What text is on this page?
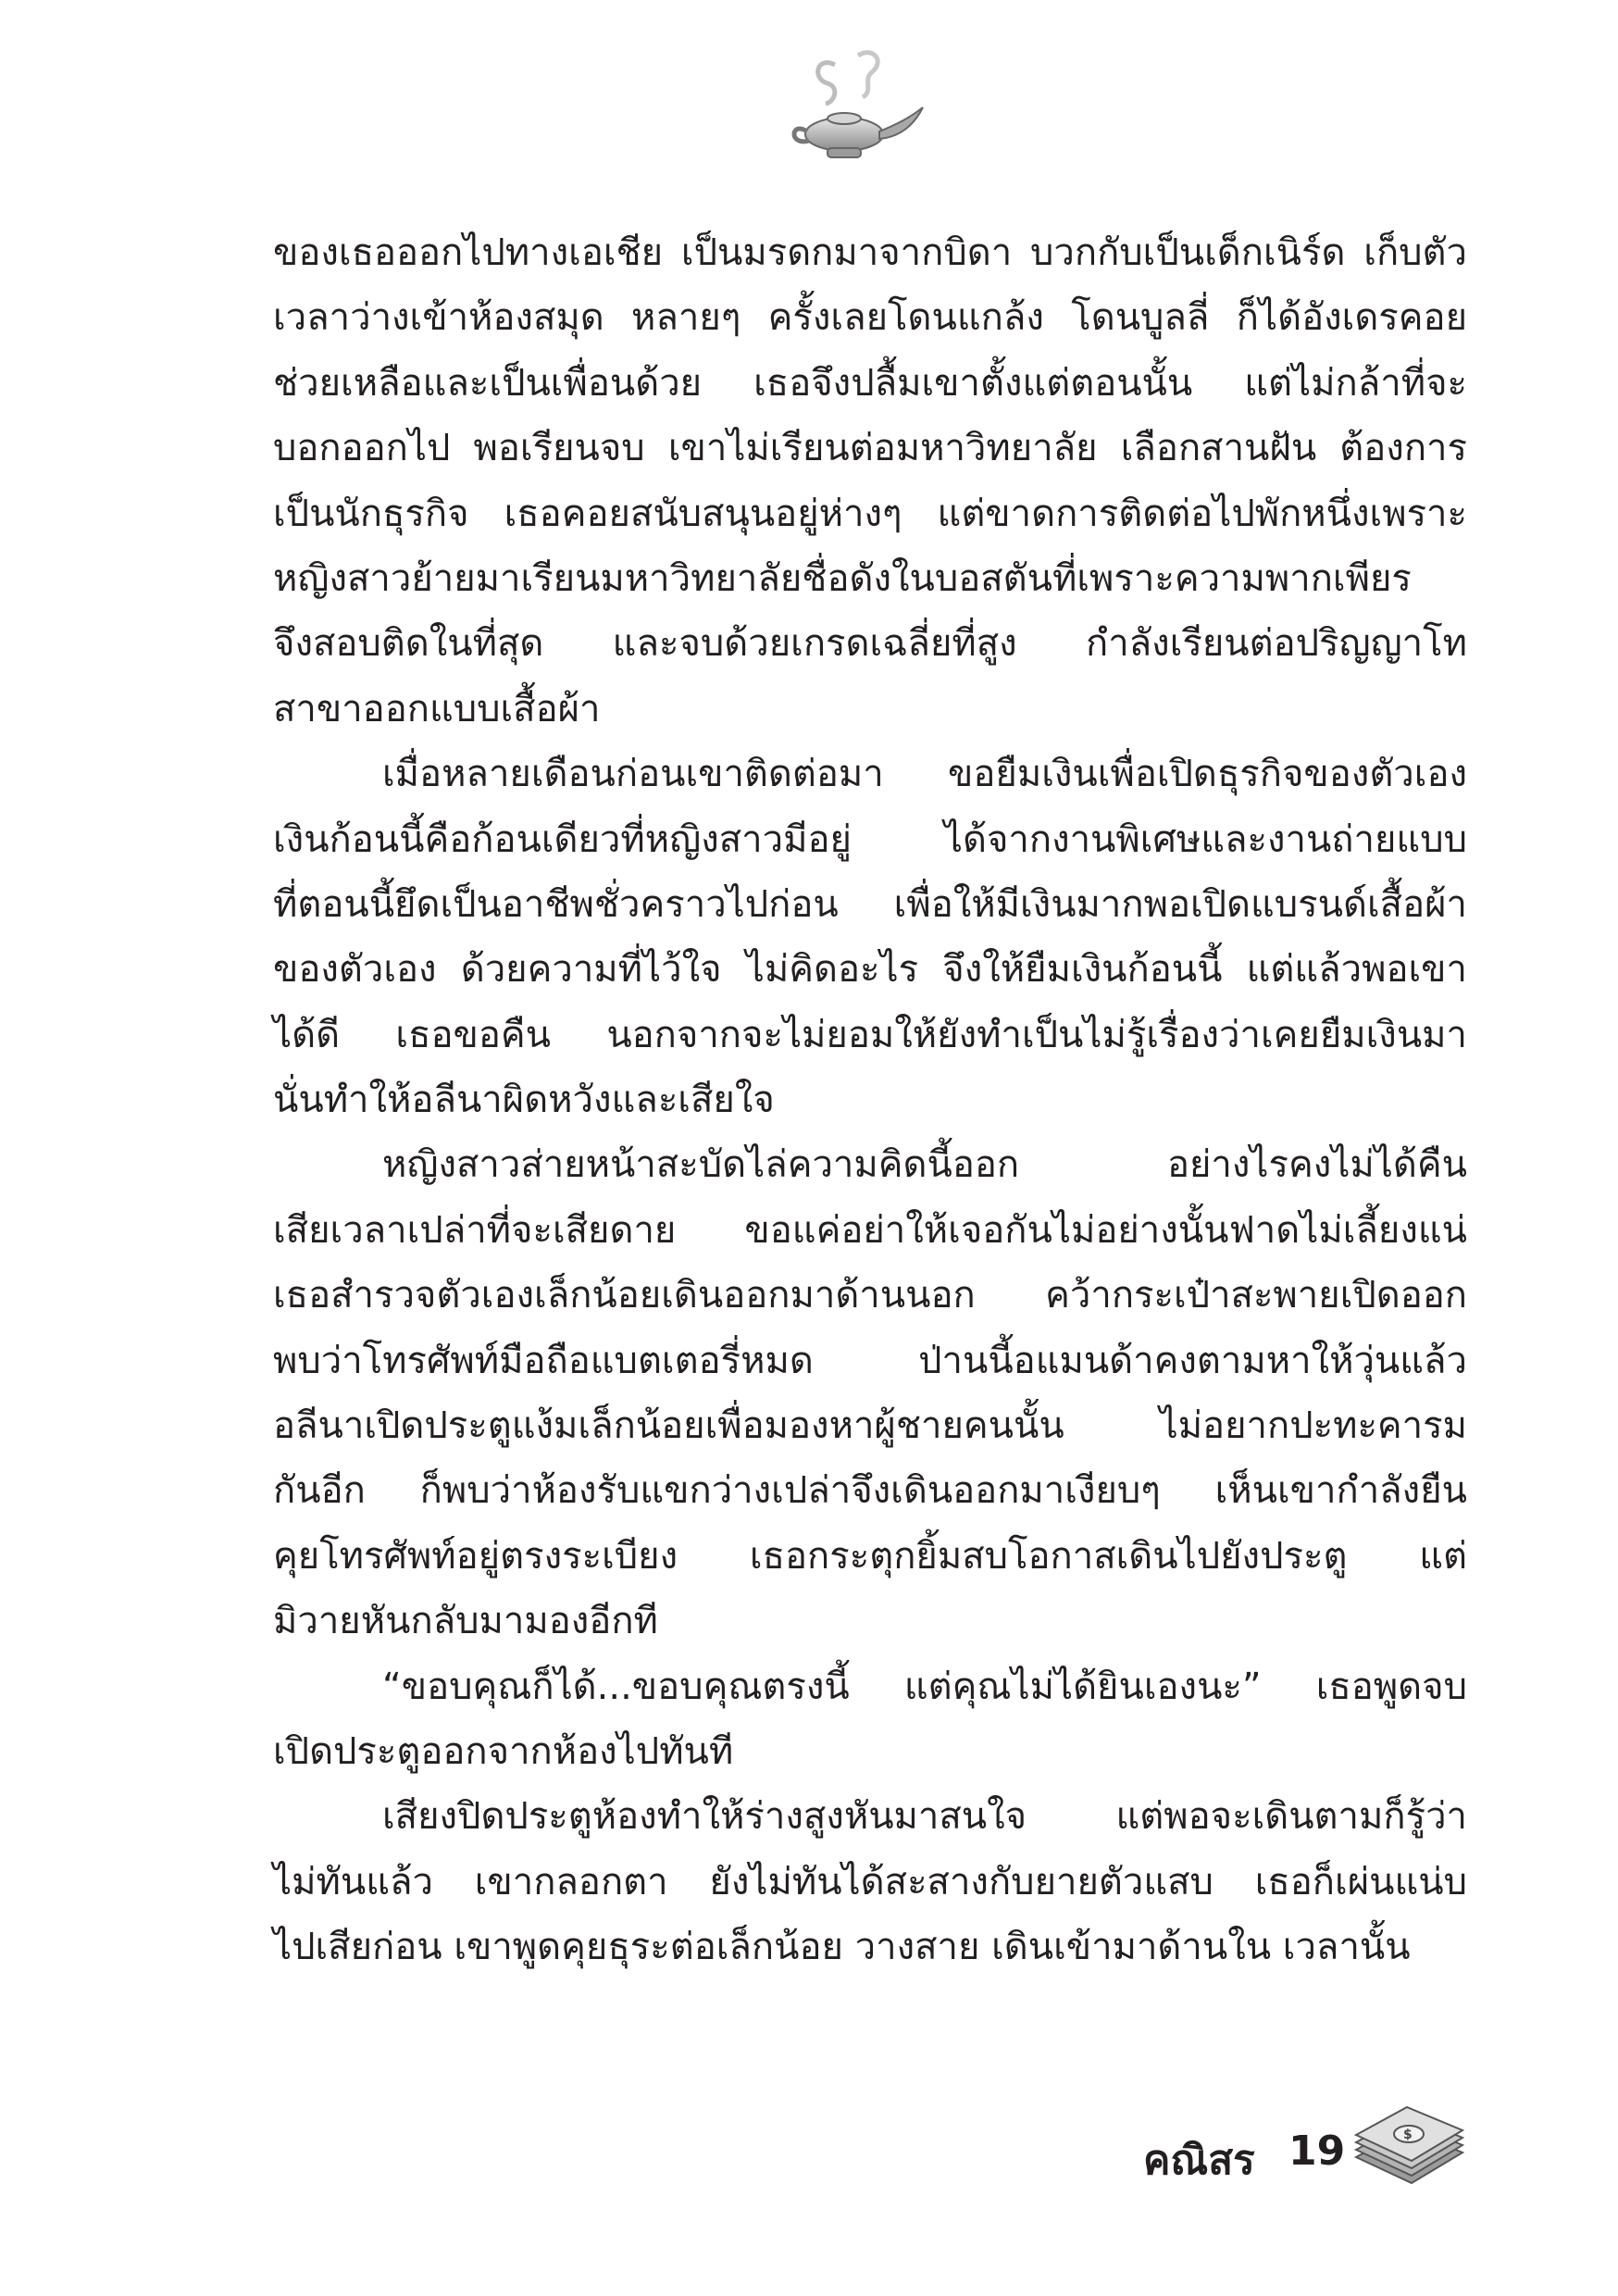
ของเธอออกไปทางเอเชีย เป็นมรดกมาจากบิดา บวกกับเป็นเด็กเนิร์ด เก็บตัว
เวลาว่างเข้าห้องสมุด หลายๆ ครั้งเลยโดนแกล้ง โดนบูลลี่ ก็ได้อังเดรคอย
ช่วยเหลือและเป็นเพื่อนด้วย เธอจึงปลื้มเขาตั้งแต่ตอนนั้น แต่ไม่กล้าที่จะ
บอกออกไป พอเรียนจบ เขาไม่เรียนต่อมหาวิทยาลัย เลือกสานฝัน ต้องการ
เป็นนักธุรกิจ เธอคอยสนับสนุนอยู่ห่างๆ แต่ขาดการติดต่อไปพักหนึ่งเพราะ
หญิงสาวย้ายมาเรียนมหาวิทยาลัยชื่อดังในบอสตันที่เพราะความพากเพียร
จึงสอบติดในที่สุด และจบด้วยเกรดเฉลี่ยที่สูง กำลังเรียนต่อปริญญาโท
สาขาออกแบบเสื้อผ้า
เมื่อหลายเดือนก่อนเขาติดต่อมา ขอยืมเงินเพื่อเปิดธุรกิจของตัวเอง
เงินก้อนนี้คือก้อนเดียวที่หญิงสาวมีอยู่ ได้จากงานพิเศษและงานถ่ายแบบ
ที่ตอนนี้ยึดเป็นอาชีพชั่วคราวไปก่อน เพื่อให้มีเงินมากพอเปิดแบรนด์เสื้อผ้า
ของตัวเอง ด้วยความที่ไว้ใจ ไม่คิดอะไร จึงให้ยืมเงินก้อนนี้ แต่แล้วพอเขา
ได้ดี เธอขอคืน นอกจากจะไม่ยอมให้ยังทำเป็นไม่รู้เรื่องว่าเคยยืมเงินมา
นั่นทำให้อลีนาผิดหวังและเสียใจ
หญิงสาวส่ายหน้าสะบัดไล่ความคิดนี้ออก อย่างไรคงไม่ได้คืน
เสียเวลาเปล่าที่จะเสียดาย ขอแค่อย่าให้เจอกันไม่อย่างนั้นฟาดไม่เลี้ยงแน่
เธอสำรวจตัวเองเล็กน้อยเดินออกมาด้านนอก คว้ากระเป๋าสะพายเปิดออก
พบว่าโทรศัพท์มือถือแบตเตอรี่หมด ป่านนี้อแมนด้าคงตามหาให้วุ่นแล้ว
อลีนาเปิดประตูแง้มเล็กน้อยเพื่อมองหาผู้ชายคนนั้น ไม่อยากปะทะคารม
กันอีก ก็พบว่าห้องรับแขกว่างเปล่าจึงเดินออกมาเงียบๆ เห็นเขากำลังยืน
คุยโทรศัพท์อยู่ตรงระเบียง เธอกระตุกยิ้มสบโอกาสเดินไปยังประตู แต่
มิวายหันกลับมามองอีกที
“ขอบคุณก็ได้...ขอบคุณตรงนี้ แต่คุณไม่ได้ยินเองนะ” เธอพูดจบ
เปิดประตูออกจากห้องไปทันที
เสียงปิดประตูห้องทำให้ร่างสูงหันมาสนใจ แต่พอจะเดินตามก็รู้ว่า
ไม่ทันแล้ว เขากลอกตา ยังไม่ทันได้สะสางกับยายตัวแสบ เธอก็เผ่นแน่บ
ไปเสียก่อน เขาพูดคุยธุระต่อเล็กน้อย วางสาย เดินเข้ามาด้านใน เวลานั้น
คณิสร 19	$
